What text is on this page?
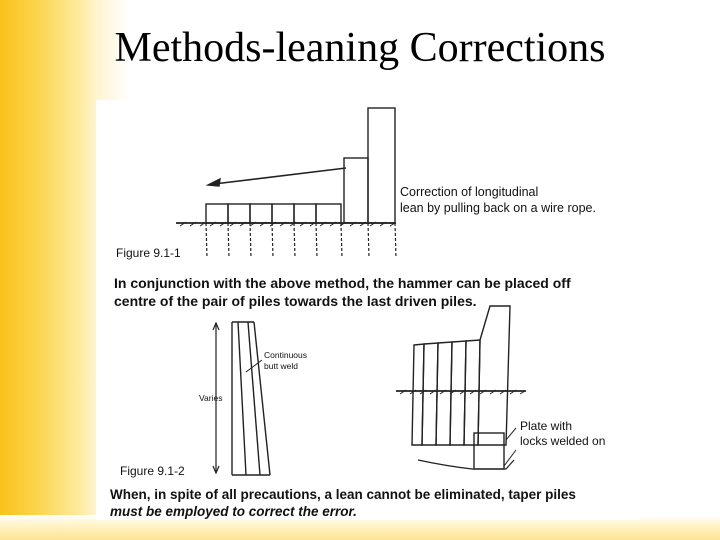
Methods-leaning Corrections
Correction of longitudinal
lean by pulling back on a wire rope.
Figure 9.1-1
In conjunction with the above method, the hammer can be placed off
centre of the pair of piles towards the last driven piles.
Continuous
butt weld
Varies
Plate with
locks welded on
Figure 9.1-2
When, in spite of all precautions, a lean cannot be eliminated, taper piles
must be employed to correct the error.
